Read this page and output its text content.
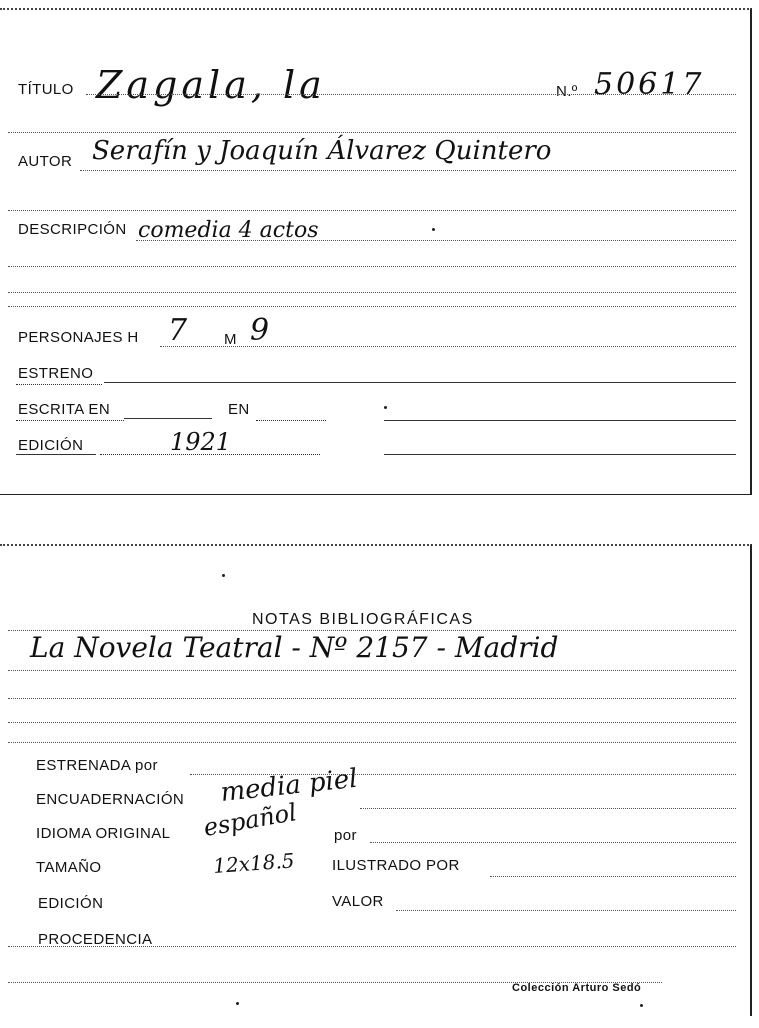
TÍTULO Zagala, la	N.º 50617
AUTOR Serafín y Joaquín Álvarez Quintero
DESCRIPCIÓN comedia 4 actos
PERSONAJES H 7 M 9
ESTRENO
ESCRITA EN	EN
EDICIÓN	1921
NOTAS BIBLIOGRÁFICAS
La Novela Teatral - Nº 2157 - Madrid
ESTRENADA por
ENCUADERNACIÓN media piel
IDIOMA ORIGINAL español por
TAMAÑO	12x18.5 ILUSTRADO POR
EDICIÓN	VALOR
PROCEDENCIA
Colección Arturo Sedó
